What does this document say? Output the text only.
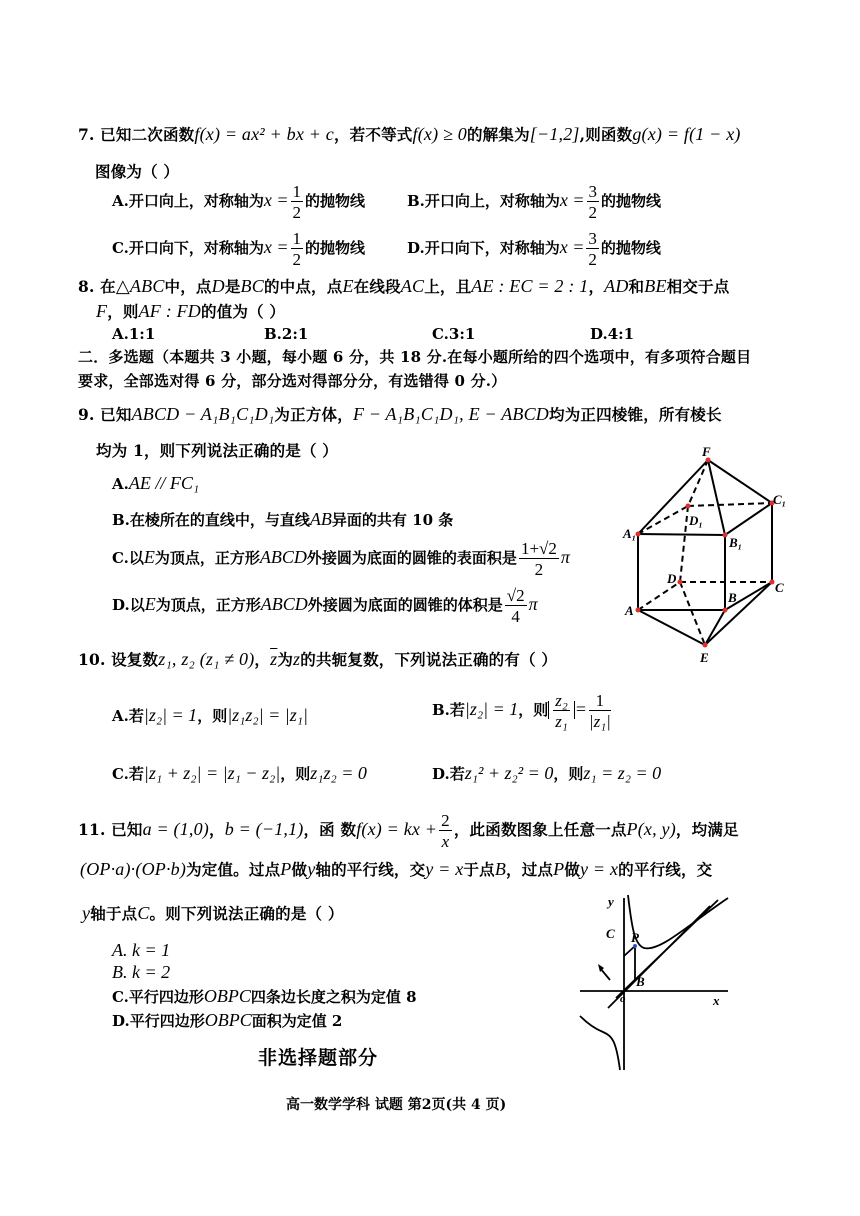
7. 已知二次函数f(x) = ax² + bx + c，若不等式f(x) ≥ 0的解集为[−1,2],则函数g(x) = f(1 − x)
图像为（ ）
A.开口向上，对称轴为$x = \frac{1}{2}$ 的抛物线	B.开口向上，对称轴为$x = \frac{3}{2}$ 的抛物线
C.开口向下，对称轴为$x = \frac{1}{2}$ 的抛物线	D.开口向下，对称轴为$x = \frac{3}{2}$ 的抛物线
8. 在△ABC中，点D是BC的中点，点E在线段AC上，且AE : EC = 2 : 1，AD和BE相交于点
F，则AF : FD的值为（ ）
A.1:1	B.2:1	C.3:1	D.4:1
二．多选题（本题共 3 小题，每小题 6 分，共 18 分.在每小题所给的四个选项中，有多项符合题目
要求，全部选对得 6 分，部分选对得部分分，有选错得 0 分.）
9. 已知ABCD − A₁B₁C₁D₁为正方体，F − A₁B₁C₁D₁, E − ABCD均为正四棱锥，所有棱长
均为 1，则下列说法正确的是（ ）
A.AE // FC₁
B.在棱所在的直线中，与直线AB异面的共有 10 条
C.以E为顶点，正方形ABCD外接圆为底面的圆锥的表面积是 $\frac{1+√2}{2}$ π
D.以E为顶点，正方形ABCD外接圆为底面的圆锥的体积是 $\frac{√2}{4}$ π
F
C₁
D₁
A₁
B₁
D
C
A
B
E
10. 设复数z₁, z₂ (z₁ ≠ 0)，$\overline{z}$为z的共轭复数，下列说法正确的有（ ）
A.若|z₂| = 1，则|z₁z₂| = |z₁|	B.若|z₂| = 1，则 $\frac{\text{z₂}}{\text{z₁}} = \frac{1}{\text{|z₁|}}$
C.若|z₁ + z₂| = |z₁ − z₂|，则z₁z₂ = 0	D.若z₁² + z₂² = 0，则z₁ = z₂ = 0
11. 已知a = (1,0)，b = (−1,1)，函 数f(x) = kx + $\frac{2}{x}$ ，此函数图象上任意一点P(x, y)，均满足
(OP·a)·(OP·b)为定值。过点P做y轴的平行线，交y = x于点B，过点P做y = x的平行线，交
y轴于点C。则下列说法正确的是（ ）
A. k = 1
B. k = 2
C.平行四边形OBPC四条边长度之积为定值 8
D.平行四边形OBPC面积为定值 2
y
P
C
B
o	x
非选择题部分
高一数学学科 试题 第2页(共 4 页)
